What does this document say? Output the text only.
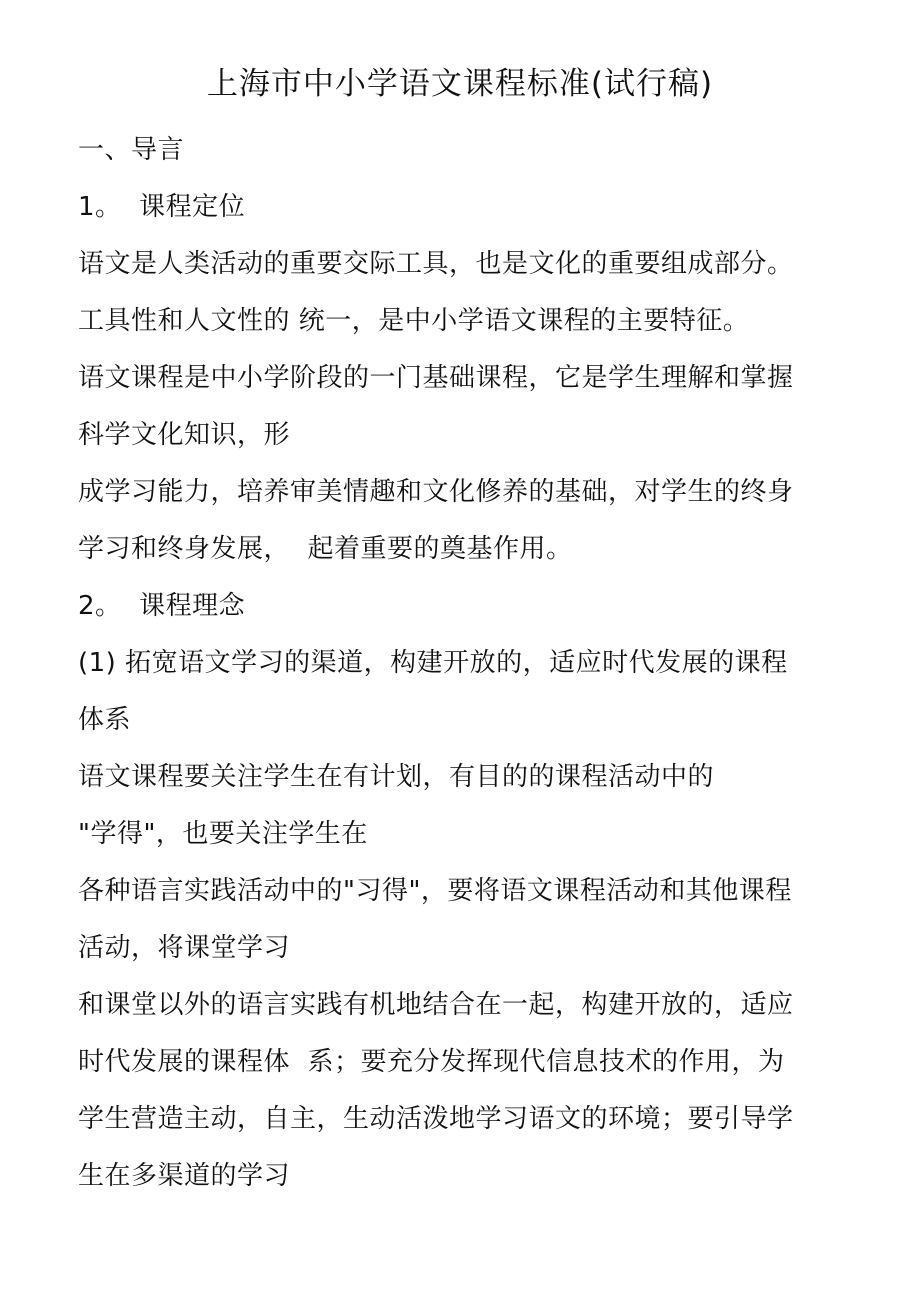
上海市中小学语文课程标准(试行稿)
一、导言
1。  课程定位
语文是人类活动的重要交际工具，也是文化的重要组成部分。
工具性和人文性的 统一，是中小学语文课程的主要特征。
语文课程是中小学阶段的一门基础课程，它是学生理解和掌握
科学文化知识，形
成学习能力，培养审美情趣和文化修养的基础，对学生的终身
学习和终身发展，  起着重要的奠基作用。
2。  课程理念
(1) 拓宽语文学习的渠道，构建开放的，适应时代发展的课程
体系
语文课程要关注学生在有计划，有目的的课程活动中的
"学得"，也要关注学生在
各种语言实践活动中的"习得"，要将语文课程活动和其他课程
活动，将课堂学习
和课堂以外的语言实践有机地结合在一起，构建开放的，适应
时代发展的课程体  系；要充分发挥现代信息技术的作用，为
学生营造主动，自主，生动活泼地学习语文的环境；要引导学
生在多渠道的学习
